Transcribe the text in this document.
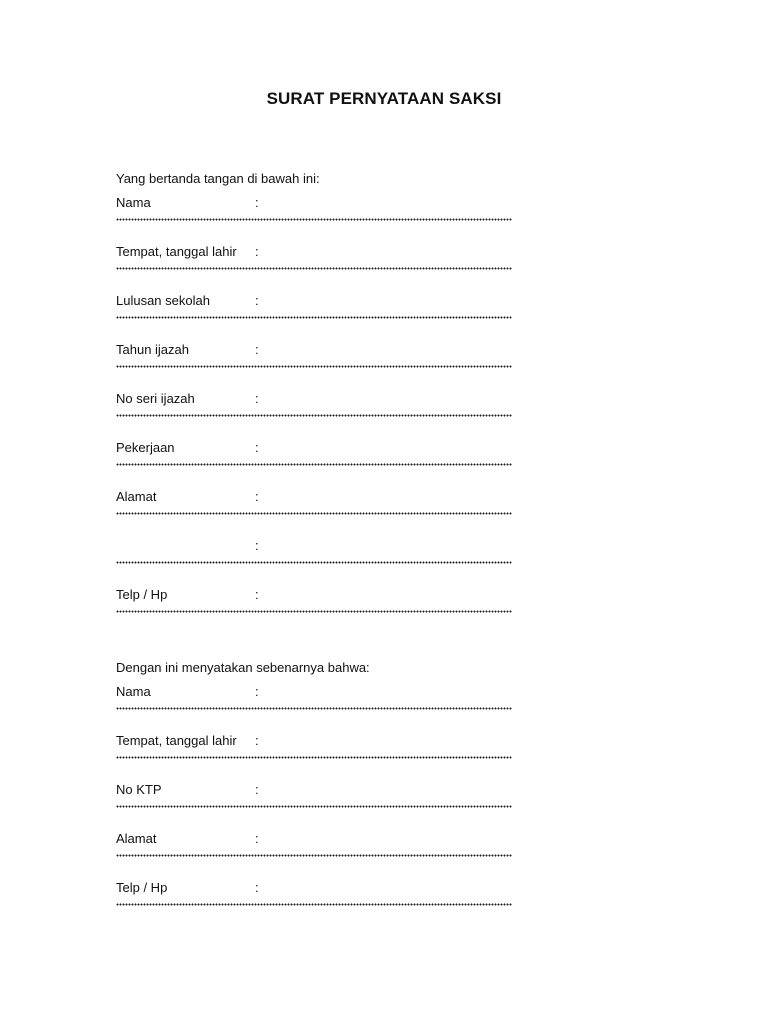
SURAT PERNYATAAN SAKSI
Yang bertanda tangan di bawah ini:
Nama	:
Tempat, tanggal lahir :
Lulusan sekolah	:
Tahun ijazah	:
No seri ijazah	:
Pekerjaan	:
Alamat	:
:
Telp / Hp	:
Dengan ini menyatakan sebenarnya bahwa:
Nama	:
Tempat, tanggal lahir :
No KTP	:
Alamat	:
Telp / Hp	:
